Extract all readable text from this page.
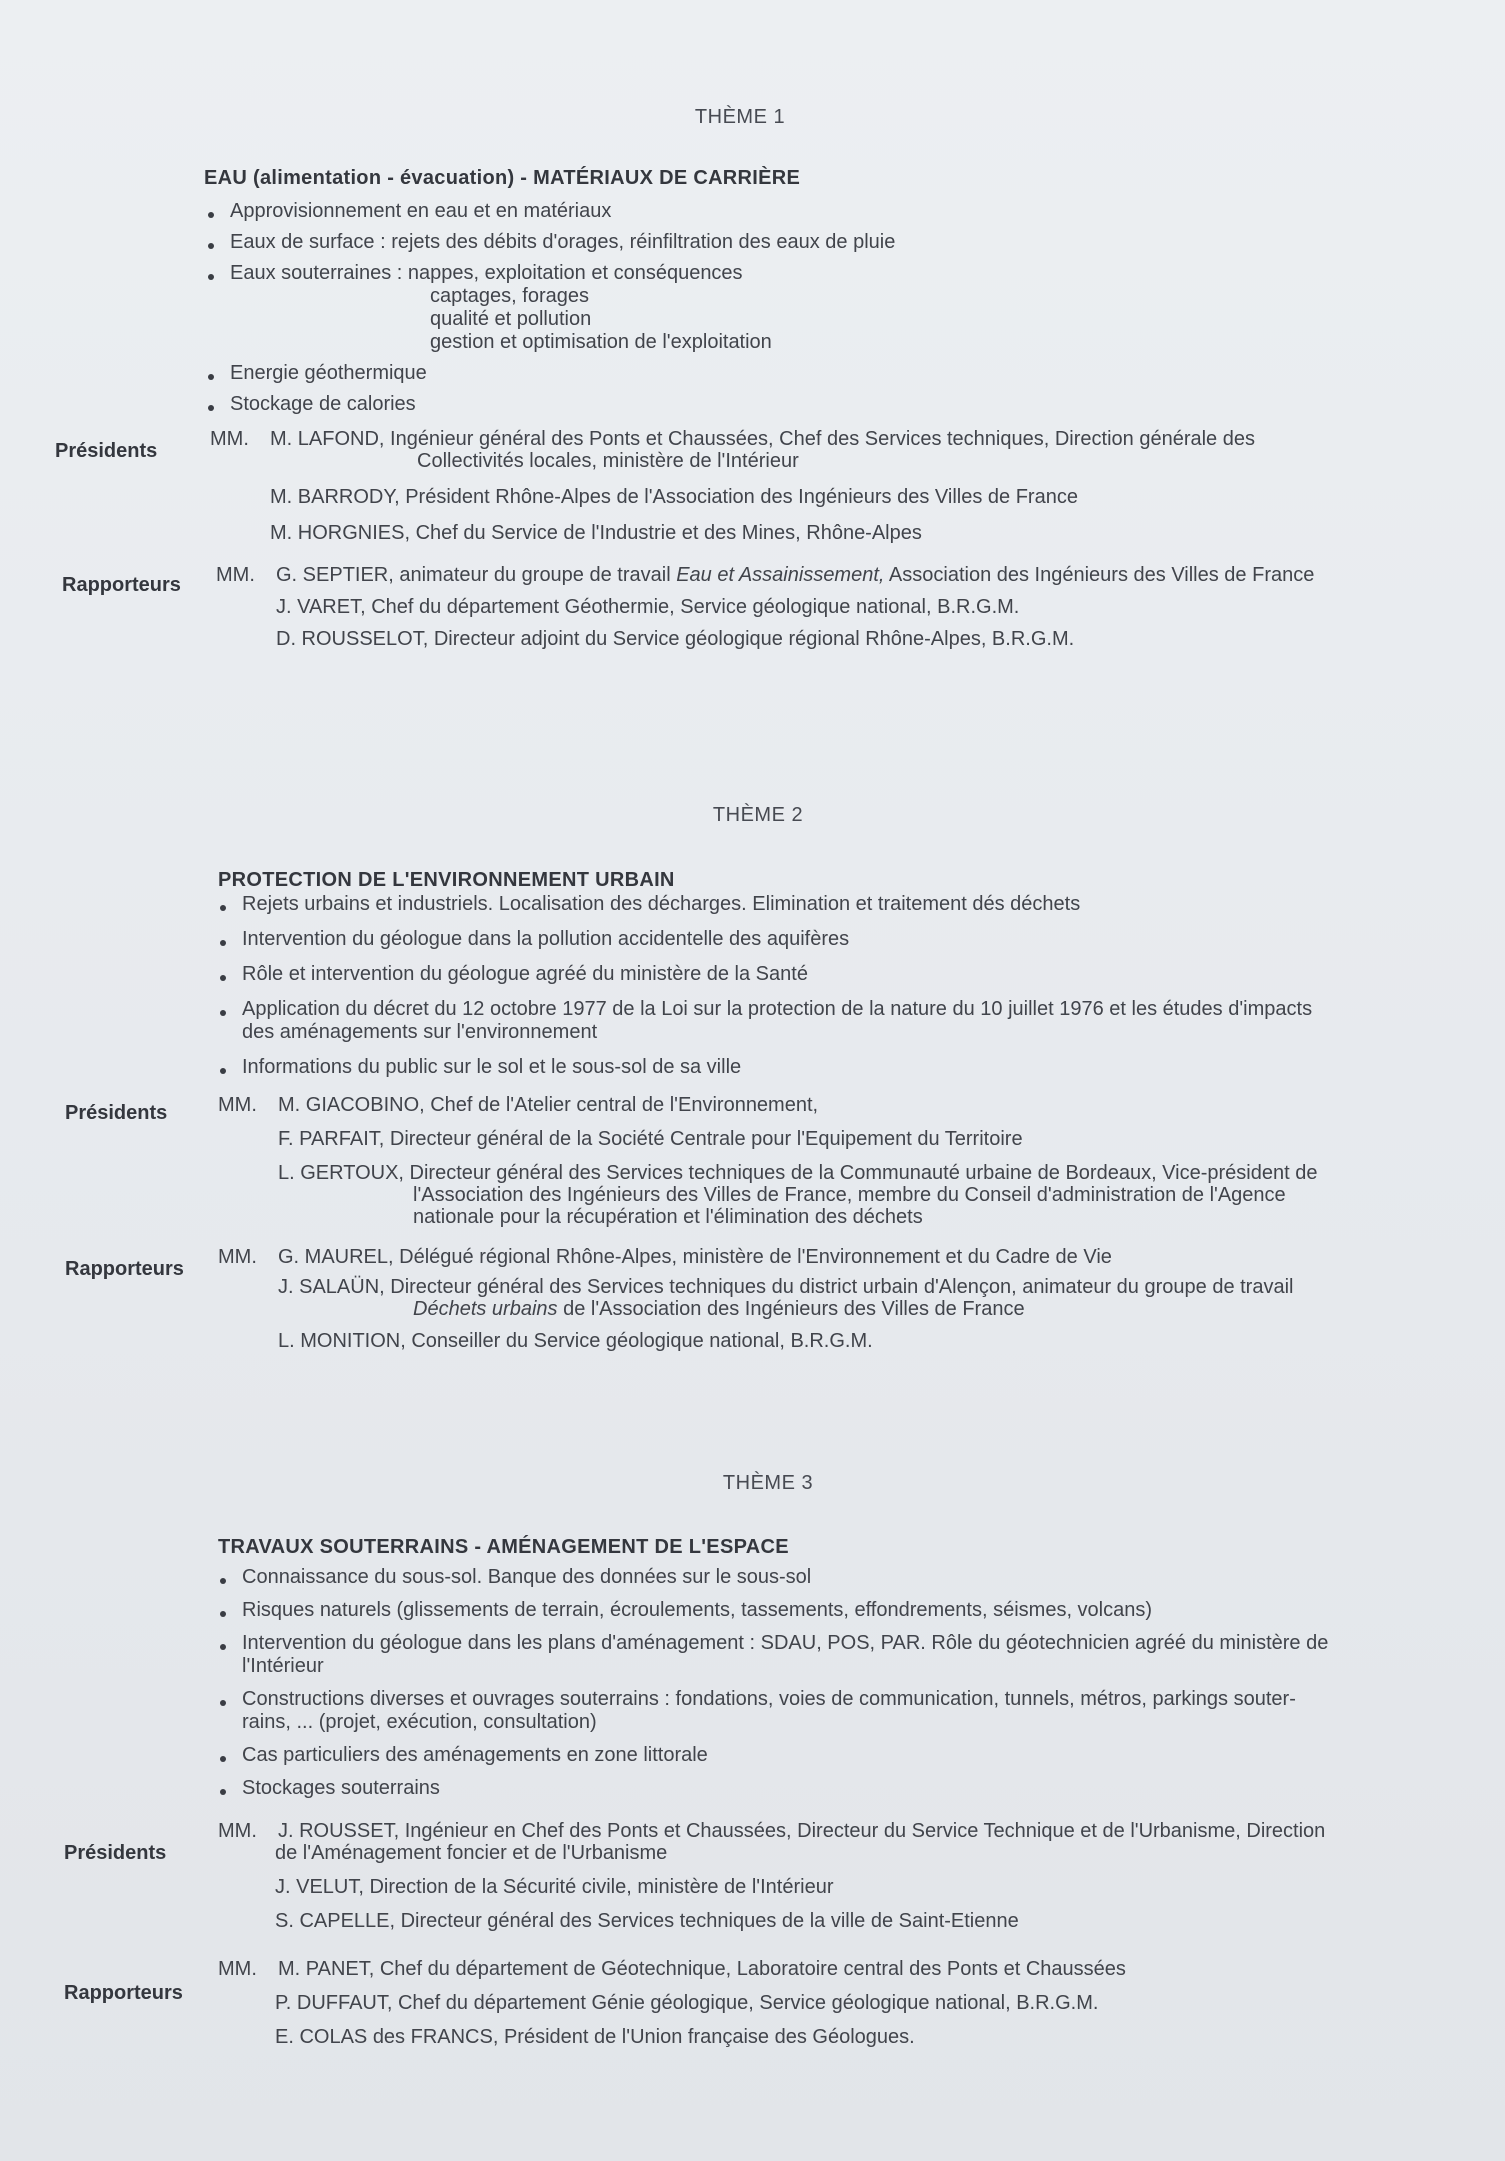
THÈME 1
EAU (alimentation - évacuation) - MATÉRIAUX DE CARRIÈRE
Approvisionnement en eau et en matériaux
Eaux de surface : rejets des débits d'orages, réinfiltration des eaux de pluie
Eaux souterraines : nappes, exploitation et conséquences
captages, forages
qualité et pollution
gestion et optimisation de l'exploitation
Energie géothermique
Stockage de calories
Présidents
MM.	M. LAFOND, Ingénieur général des Ponts et Chaussées, Chef des Services techniques, Direction générale des
Collectivités locales, ministère de l'Intérieur
M. BARRODY, Président Rhône-Alpes de l'Association des Ingénieurs des Villes de France
M. HORGNIES, Chef du Service de l'Industrie et des Mines, Rhône-Alpes
Rapporteurs MM.	G. SEPTIER, animateur du groupe de travail Eau et Assainissement, Association des Ingénieurs des Villes de France
J. VARET, Chef du département Géothermie, Service géologique national, B.R.G.M.
D. ROUSSELOT, Directeur adjoint du Service géologique régional Rhône-Alpes, B.R.G.M.
THÈME 2
PROTECTION DE L'ENVIRONNEMENT URBAIN
Rejets urbains et industriels. Localisation des décharges. Elimination et traitement dés déchets
Intervention du géologue dans la pollution accidentelle des aquifères
Rôle et intervention du géologue agréé du ministère de la Santé
Application du décret du 12 octobre 1977 de la Loi sur la protection de la nature du 10 juillet 1976 et les études d'impacts
des aménagements sur l'environnement
Informations du public sur le sol et le sous-sol de sa ville
Présidents	MM.	M. GIACOBINO, Chef de l'Atelier central de l'Environnement,
F. PARFAIT, Directeur général de la Société Centrale pour l'Equipement du Territoire
L. GERTOUX, Directeur général des Services techniques de la Communauté urbaine de Bordeaux, Vice-président de
l'Association des Ingénieurs des Villes de France, membre du Conseil d'administration de l'Agence
nationale pour la récupération et l'élimination des déchets
Rapporteurs
MM.	G. MAUREL, Délégué régional Rhône-Alpes, ministère de l'Environnement et du Cadre de Vie
J. SALAÜN, Directeur général des Services techniques du district urbain d'Alençon, animateur du groupe de travail
Déchets urbains de l'Association des Ingénieurs des Villes de France
L. MONITION, Conseiller du Service géologique national, B.R.G.M.
THÈME 3
TRAVAUX SOUTERRAINS - AMÉNAGEMENT DE L'ESPACE
Connaissance du sous-sol. Banque des données sur le sous-sol
Risques naturels (glissements de terrain, écroulements, tassements, effondrements, séismes, volcans)
Intervention du géologue dans les plans d'aménagement : SDAU, POS, PAR. Rôle du géotechnicien agréé du ministère de
l'Intérieur
Constructions diverses et ouvrages souterrains : fondations, voies de communication, tunnels, métros, parkings souter-
rains, ... (projet, exécution, consultation)
Cas particuliers des aménagements en zone littorale
Stockages souterrains
Présidents
MM.	J. ROUSSET, Ingénieur en Chef des Ponts et Chaussées, Directeur du Service Technique et de l'Urbanisme, Direction
de l'Aménagement foncier et de l'Urbanisme
J. VELUT, Direction de la Sécurité civile, ministère de l'Intérieur
S. CAPELLE, Directeur général des Services techniques de la ville de Saint-Etienne
Rapporteurs
MM.	M. PANET, Chef du département de Géotechnique, Laboratoire central des Ponts et Chaussées
P. DUFFAUT, Chef du département Génie géologique, Service géologique national, B.R.G.M.
E. COLAS des FRANCS, Président de l'Union française des Géologues.
